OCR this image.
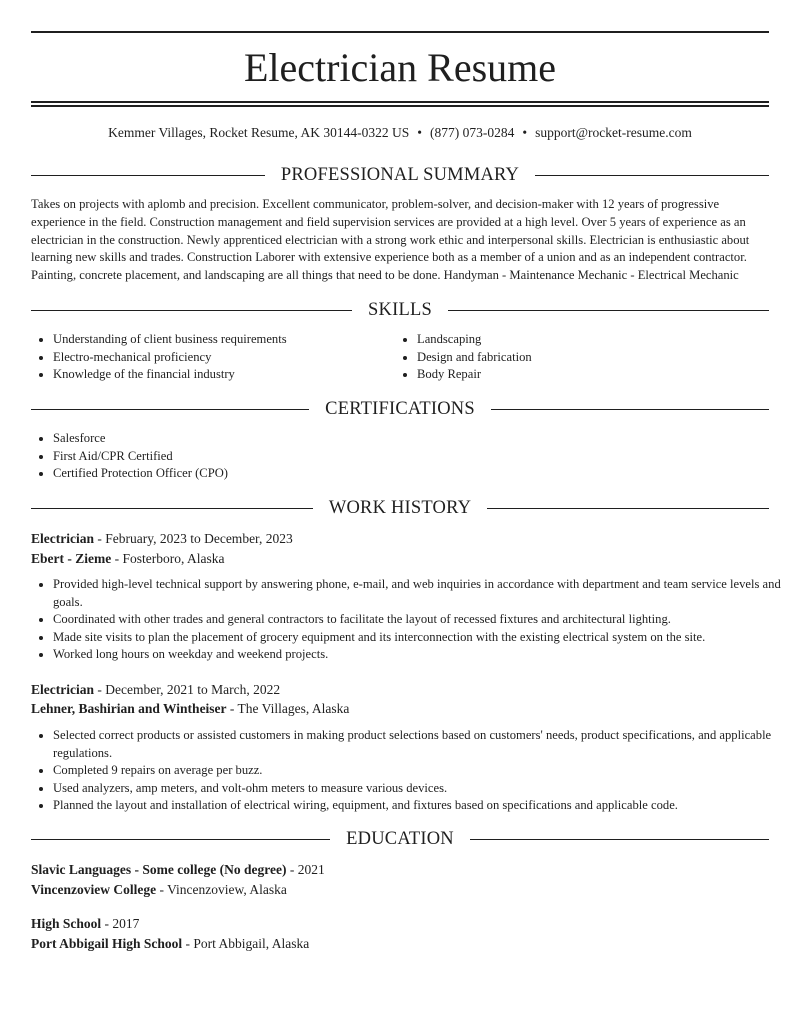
Electrician Resume
Kemmer Villages, Rocket Resume, AK 30144-0322 US • (877) 073-0284 • support@rocket-resume.com
PROFESSIONAL SUMMARY

Takes on projects with aplomb and precision. Excellent communicator, problem-solver, and decision-maker with 12 years of progressive experience in the field. Construction management and field supervision services are provided at a high level. Over 5 years of experience as an electrician in the construction. Newly apprenticed electrician with a strong work ethic and interpersonal skills. Electrician is enthusiastic about learning new skills and trades. Construction Laborer with extensive experience both as a member of a union and as an independent contractor. Painting, concrete placement, and landscaping are all things that need to be done. Handyman - Maintenance Mechanic - Electrical Mechanic

SKILLS
• Understanding of client business requirements
• Electro-mechanical proficiency
• Knowledge of the financial industry
• Landscaping
• Design and fabrication
• Body Repair
CERTIFICATIONS
• Salesforce
• First Aid/CPR Certified
• Certified Protection Officer (CPO)
WORK HISTORY
Electrician - February, 2023 to December, 2023
Ebert - Zieme - Fosterboro, Alaska
• Provided high-level technical support by answering phone, e-mail, and web inquiries in accordance with department and team service levels and goals.
• Coordinated with other trades and general contractors to facilitate the layout of recessed fixtures and architectural lighting.
• Made site visits to plan the placement of grocery equipment and its interconnection with the existing electrical system on the site.
• Worked long hours on weekday and weekend projects.
Electrician - December, 2021 to March, 2022
Lehner, Bashirian and Wintheiser - The Villages, Alaska
• Selected correct products or assisted customers in making product selections based on customers' needs, product specifications, and applicable regulations.
• Completed 9 repairs on average per buzz.
• Used analyzers, amp meters, and volt-ohm meters to measure various devices.
• Planned the layout and installation of electrical wiring, equipment, and fixtures based on specifications and applicable code.
EDUCATION
Slavic Languages - Some college (No degree) - 2021
Vincenzoview College - Vincenzoview, Alaska
High School - 2017
Port Abbigail High School - Port Abbigail, Alaska
